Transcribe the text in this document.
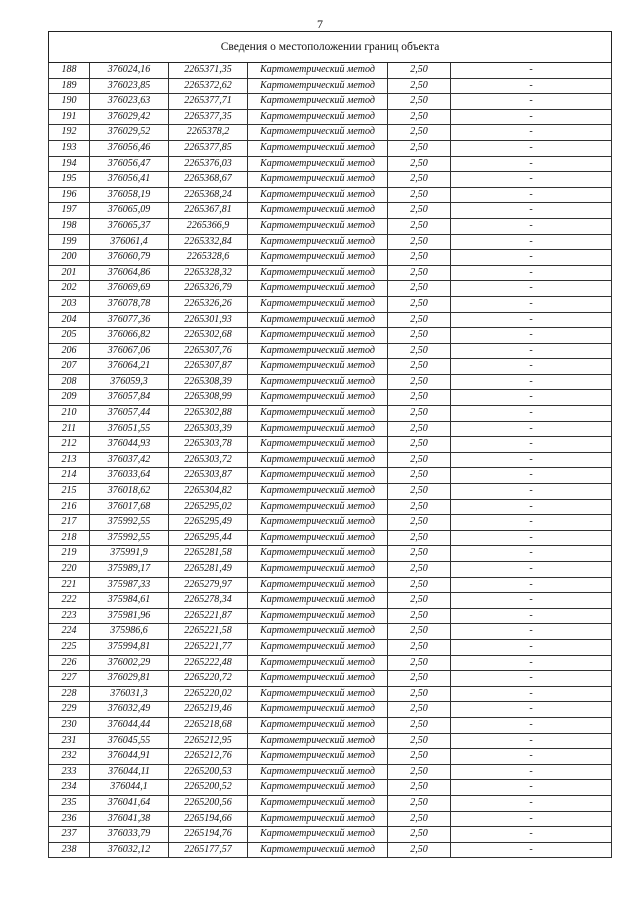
7
Сведения о местоположении границ объекта					
188	376024,16	2265371,35	Картометрический метод	2,50	-
189	376023,85	2265372,62	Картометрический метод	2,50	-
190	376023,63	2265377,71	Картометрический метод	2,50	-
191	376029,42	2265377,35	Картометрический метод	2,50	-
192	376029,52	2265378,2	Картометрический метод	2,50	-
193	376056,46	2265377,85	Картометрический метод	2,50	-
194	376056,47	2265376,03	Картометрический метод	2,50	-
195	376056,41	2265368,67	Картометрический метод	2,50	-
196	376058,19	2265368,24	Картометрический метод	2,50	-
197	376065,09	2265367,81	Картометрический метод	2,50	-
198	376065,37	2265366,9	Картометрический метод	2,50	-
199	376061,4	2265332,84	Картометрический метод	2,50	-
200	376060,79	2265328,6	Картометрический метод	2,50	-
201	376064,86	2265328,32	Картометрический метод	2,50	-
202	376069,69	2265326,79	Картометрический метод	2,50	-
203	376078,78	2265326,26	Картометрический метод	2,50	-
204	376077,36	2265301,93	Картометрический метод	2,50	-
205	376066,82	2265302,68	Картометрический метод	2,50	-
206	376067,06	2265307,76	Картометрический метод	2,50	-
207	376064,21	2265307,87	Картометрический метод	2,50	-
208	376059,3	2265308,39	Картометрический метод	2,50	-
209	376057,84	2265308,99	Картометрический метод	2,50	-
210	376057,44	2265302,88	Картометрический метод	2,50	-
211	376051,55	2265303,39	Картометрический метод	2,50	-
212	376044,93	2265303,78	Картометрический метод	2,50	-
213	376037,42	2265303,72	Картометрический метод	2,50	-
214	376033,64	2265303,87	Картометрический метод	2,50	-
215	376018,62	2265304,82	Картометрический метод	2,50	-
216	376017,68	2265295,02	Картометрический метод	2,50	-
217	375992,55	2265295,49	Картометрический метод	2,50	-
218	375992,55	2265295,44	Картометрический метод	2,50	-
219	375991,9	2265281,58	Картометрический метод	2,50	-
220	375989,17	2265281,49	Картометрический метод	2,50	-
221	375987,33	2265279,97	Картометрический метод	2,50	-
222	375984,61	2265278,34	Картометрический метод	2,50	-
223	375981,96	2265221,87	Картометрический метод	2,50	-
224	375986,6	2265221,58	Картометрический метод	2,50	-
225	375994,81	2265221,77	Картометрический метод	2,50	-
226	376002,29	2265222,48	Картометрический метод	2,50	-
227	376029,81	2265220,72	Картометрический метод	2,50	-
228	376031,3	2265220,02	Картометрический метод	2,50	-
229	376032,49	2265219,46	Картометрический метод	2,50	-
230	376044,44	2265218,68	Картометрический метод	2,50	-
231	376045,55	2265212,95	Картометрический метод	2,50	-
232	376044,91	2265212,76	Картометрический метод	2,50	-
233	376044,11	2265200,53	Картометрический метод	2,50	-
234	376044,1	2265200,52	Картометрический метод	2,50	-
235	376041,64	2265200,56	Картометрический метод	2,50	-
236	376041,38	2265194,66	Картометрический метод	2,50	-
237	376033,79	2265194,76	Картометрический метод	2,50	-
238	376032,12	2265177,57	Картометрический метод	2,50	-
